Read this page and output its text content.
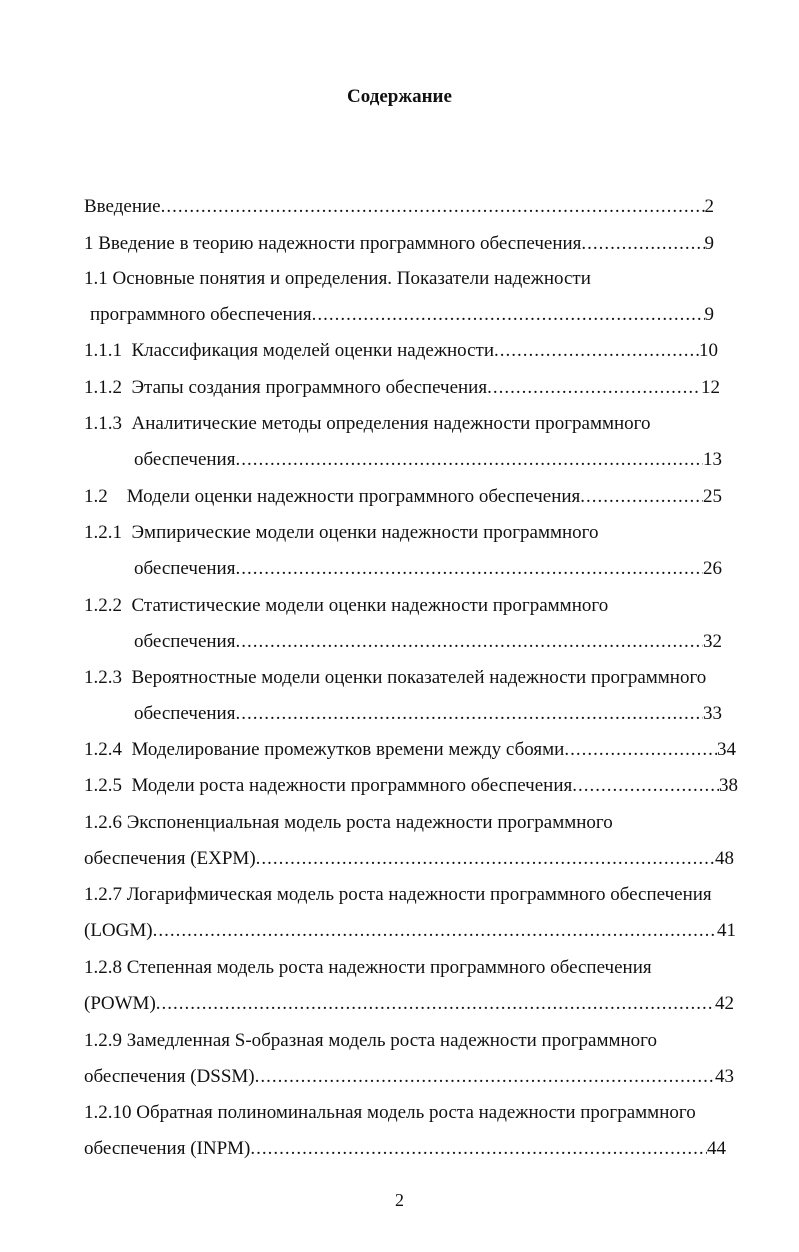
Содержание
Введение .....	2
1 Введение в теорию надежности программного обеспечения .....	9
1.1 Основные понятия и определения. Показатели надежности
программного обеспечения .....	9
1.1.1  Классификация моделей оценки надежности .....	10
1.1.2  Этапы создания программного обеспечения .....	12
1.1.3  Аналитические методы определения надежности программного
обеспечения .....	13
1.2    Модели оценки надежности программного обеспечения .....	25
1.2.1  Эмпирические модели оценки надежности программного
обеспечения .....	26
1.2.2  Статистические модели оценки надежности программного
обеспечения .....	32
1.2.3  Вероятностные модели оценки показателей надежности программного
обеспечения .....	33
1.2.4  Моделирование промежутков времени между сбоями .....	34
1.2.5  Модели роста надежности программного обеспечения .....	38
1.2.6 Экспоненциальная модель роста надежности программного
обеспечения (EXPM) .....	48
1.2.7 Логарифмическая модель роста надежности программного обеспечения
(LOGM) .....	41
1.2.8 Степенная модель роста надежности программного обеспечения
(POWM) .....	42
1.2.9 Замедленная S-образная модель роста надежности программного
обеспечения (DSSM) .....	43
1.2.10 Обратная полиноминальная модель роста надежности программного
обеспечения (INPM) .....	44
2
